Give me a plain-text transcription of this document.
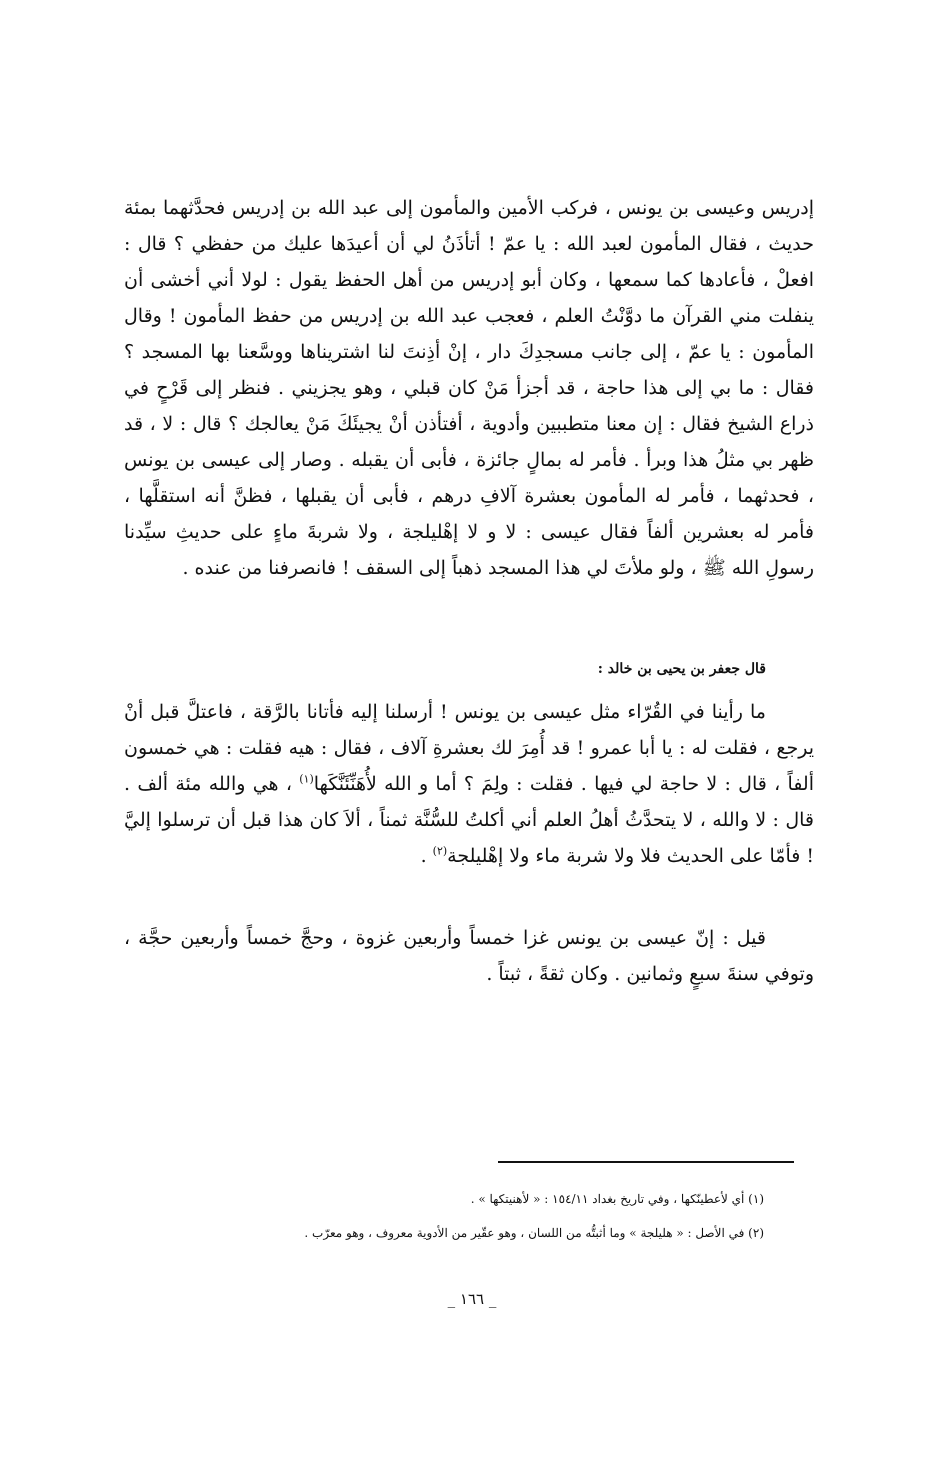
إدريس وعيسى بن يونس ، فركب الأمين والمأمون إلى عبد الله بن إدريس فحدَّثهما بمئة حديث ، فقال المأمون لعبد الله : يا عمّ ! أتأذَنُ لي أن أعيدَها عليك من حفظي ؟ قال : افعلْ ، فأعادها كما سمعها ، وكان أبو إدريس من أهل الحفظ يقول : لولا أني أخشى أن ينفلت مني القرآن ما دوَّنْتُ العلم ، فعجب عبد الله بن إدريس من حفظ المأمون ! وقال المأمون : يا عمّ ، إلى جانب مسجدِكَ دار ، إنْ أذِنتَ لنا اشتريناها ووسَّعنا بها المسجد ؟ فقال : ما بي إلى هذا حاجة ، قد أجزأ مَنْ كان قبلي ، وهو يجزيني . فنظر إلى قَرْحٍ في ذراع الشيخ فقال : إن معنا متطببين وأدوية ، أفتأذن أنْ يجيئَكَ مَنْ يعالجك ؟ قال : لا ، قد ظهر بي مثلُ هذا وبرأ . فأمر له بمالٍ جائزة ، فأبى أن يقبله . وصار إلى عيسى بن يونس ، فحدثهما ، فأمر له المأمون بعشرة آلافِ درهم ، فأبى أن يقبلها ، فظنَّ أنه استقلَّها ، فأمر له بعشرين ألفاً فقال عيسى : لا و لا إهْليلجة ، ولا شربةَ ماءٍ على حديثِ سيِّدنا رسولِ الله ﷺ ، ولو ملأتَ لي هذا المسجد ذهباً إلى السقف ! فانصرفنا من عنده .

قال جعفر بن يحيى بن خالد :

ما رأينا في القُرّاء مثل عيسى بن يونس ! أرسلنا إليه فأتانا بالرَّقة ، فاعتلَّ قبل أنْ يرجع ، فقلت له : يا أبا عمرو ! قد أُمِرَ لك بعشرةِ آلاف ، فقال : هيه فقلت : هي خمسون ألفاً ، قال : لا حاجة لي فيها . فقلت : ولِمَ ؟ أما و الله لأُهَنِّئَنَّكَها$^{(١)}$ ، هي والله مئة ألف . قال : لا والله ، لا يتحدَّثُ أهلُ العلم أني أكلتُ للسُّنَّة ثمناً ، ألاَ كان هذا قبل أن ترسلوا إليَّ ! فأمّا على الحديث فلا ولا شربة ماء ولا إهْليلجة$^{(٢)}$ .

قيل : إنّ عيسى بن يونس غزا خمساً وأربعين غزوة ، وحجَّ خمساً وأربعين حجَّة ، وتوفي سنةَ سبعٍ وثمانين . وكان ثقةً ، ثبتاً .

(١) أي لأعطينّكها ، وفي تاريخ بغداد ١٥٤/١١ : « لأهنيتكها » .
(٢) في الأصل : « هليلجة » وما أثبتُّه من اللسان ، وهو عقّير من الأدوية معروف ، وهو معرّب .
_ ١٦٦ _
